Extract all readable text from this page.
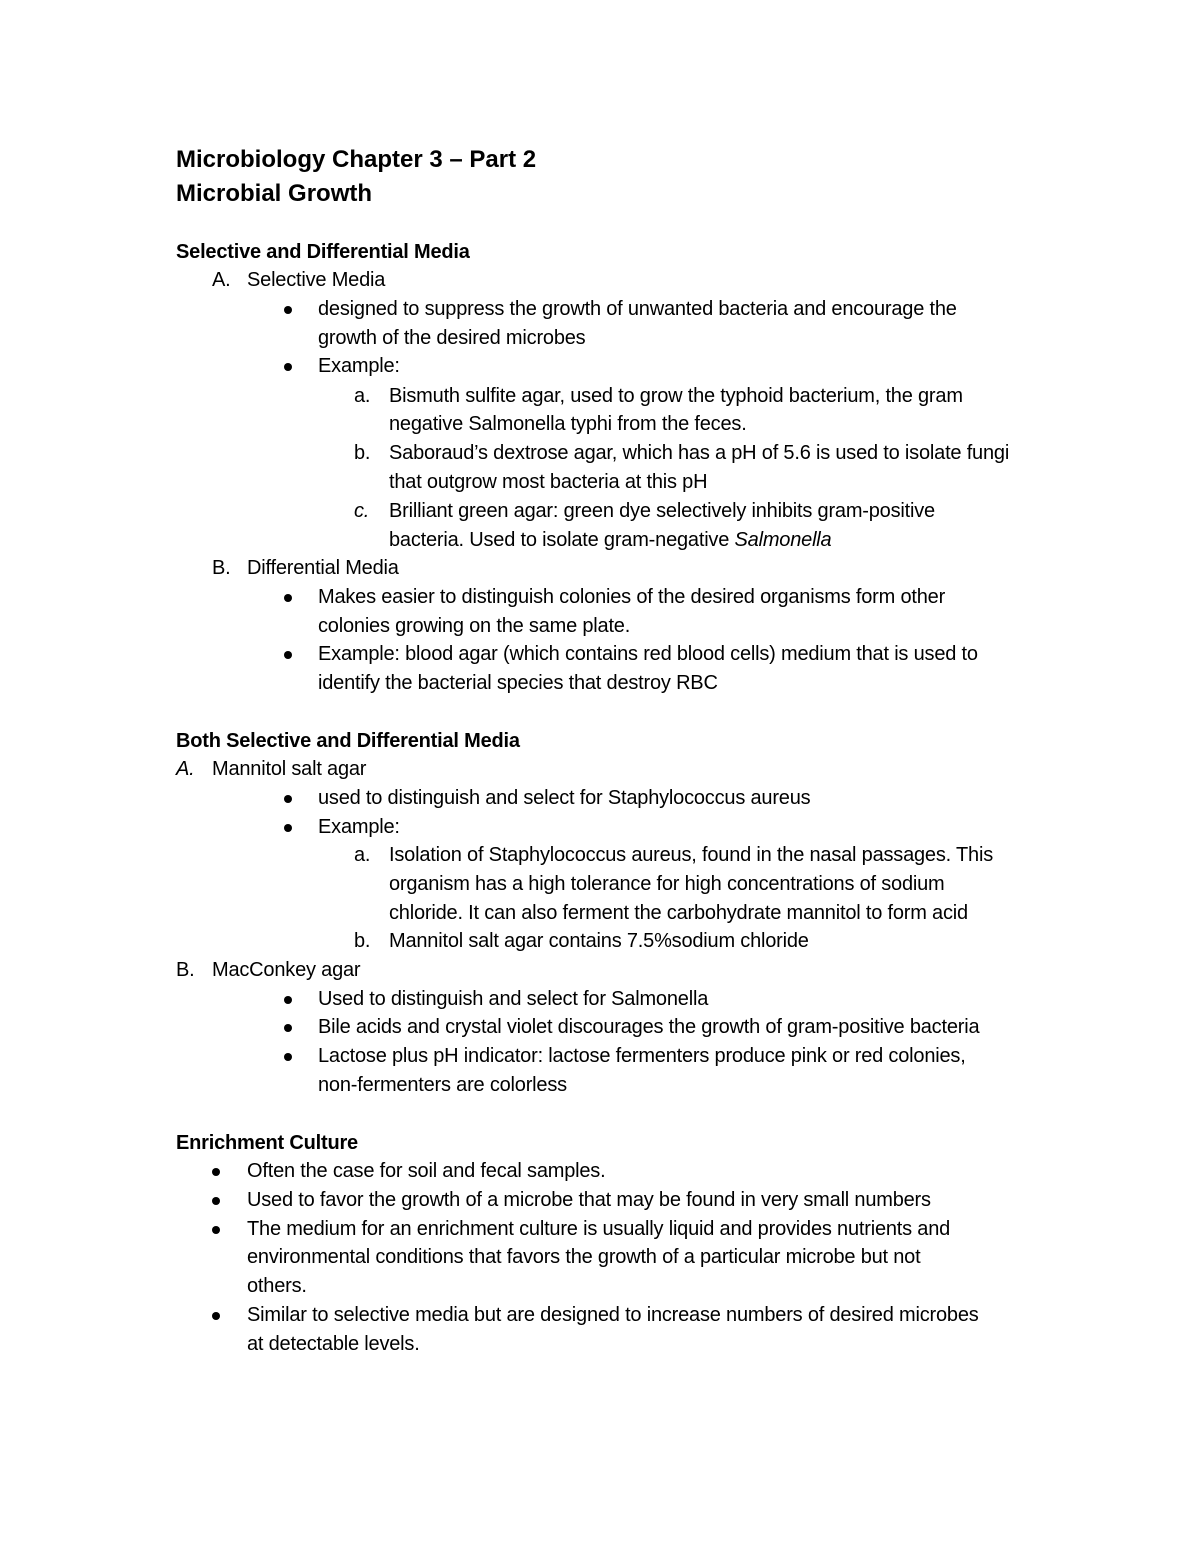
Microbiology Chapter 3 – Part 2
Microbial Growth
Selective and Differential Media
A. Selective Media
designed to suppress the growth of unwanted bacteria and encourage the
growth of the desired microbes
Example:
a. Bismuth sulfite agar, used to grow the typhoid bacterium, the gram
negative Salmonella typhi from the feces.
b. Saboraud’s dextrose agar, which has a pH of 5.6 is used to isolate fungi
that outgrow most bacteria at this pH
c. Brilliant green agar: green dye selectively inhibits gram-positive
bacteria. Used to isolate gram-negative Salmonella
B. Differential Media
Makes easier to distinguish colonies of the desired organisms form other
colonies growing on the same plate.
Example: blood agar (which contains red blood cells) medium that is used to
identify the bacterial species that destroy RBC
Both Selective and Differential Media
A. Mannitol salt agar
used to distinguish and select for Staphylococcus aureus
Example:
a. Isolation of Staphylococcus aureus, found in the nasal passages. This
organism has a high tolerance for high concentrations of sodium
chloride. It can also ferment the carbohydrate mannitol to form acid
b. Mannitol salt agar contains 7.5%sodium chloride
B. MacConkey agar
Used to distinguish and select for Salmonella
Bile acids and crystal violet discourages the growth of gram-positive bacteria
Lactose plus pH indicator: lactose fermenters produce pink or red colonies,
non-fermenters are colorless
Enrichment Culture
Often the case for soil and fecal samples.
Used to favor the growth of a microbe that may be found in very small numbers
The medium for an enrichment culture is usually liquid and provides nutrients and
environmental conditions that favors the growth of a particular microbe but not
others.
Similar to selective media but are designed to increase numbers of desired microbes
at detectable levels.
